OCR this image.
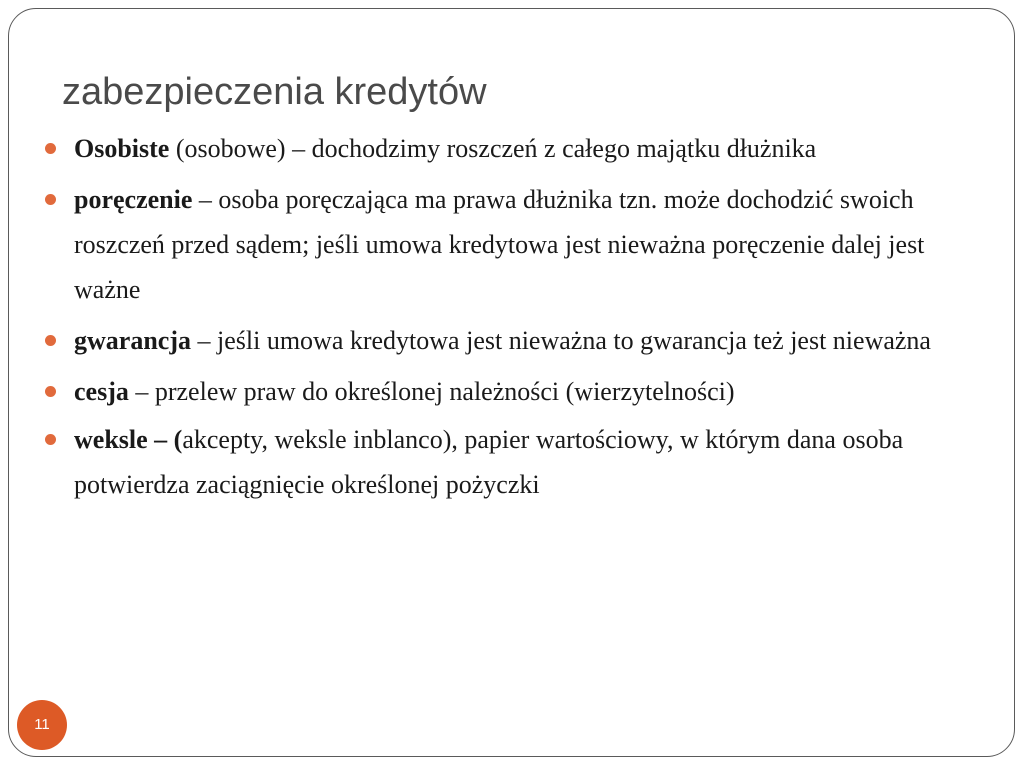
zabezpieczenia kredytów
Osobiste (osobowe) – dochodzimy roszczeń z całego majątku dłużnika
poręczenie – osoba poręczająca ma prawa dłużnika tzn. może dochodzić swoich roszczeń przed sądem; jeśli umowa kredytowa jest nieważna poręczenie dalej jest ważne
gwarancja – jeśli umowa kredytowa jest nieważna to gwarancja też jest nieważna
cesja – przelew praw do określonej należności (wierzytelności)
weksle – (akcepty, weksle inblanco), papier wartościowy, w którym dana osoba potwierdza zaciągnięcie określonej pożyczki
11
